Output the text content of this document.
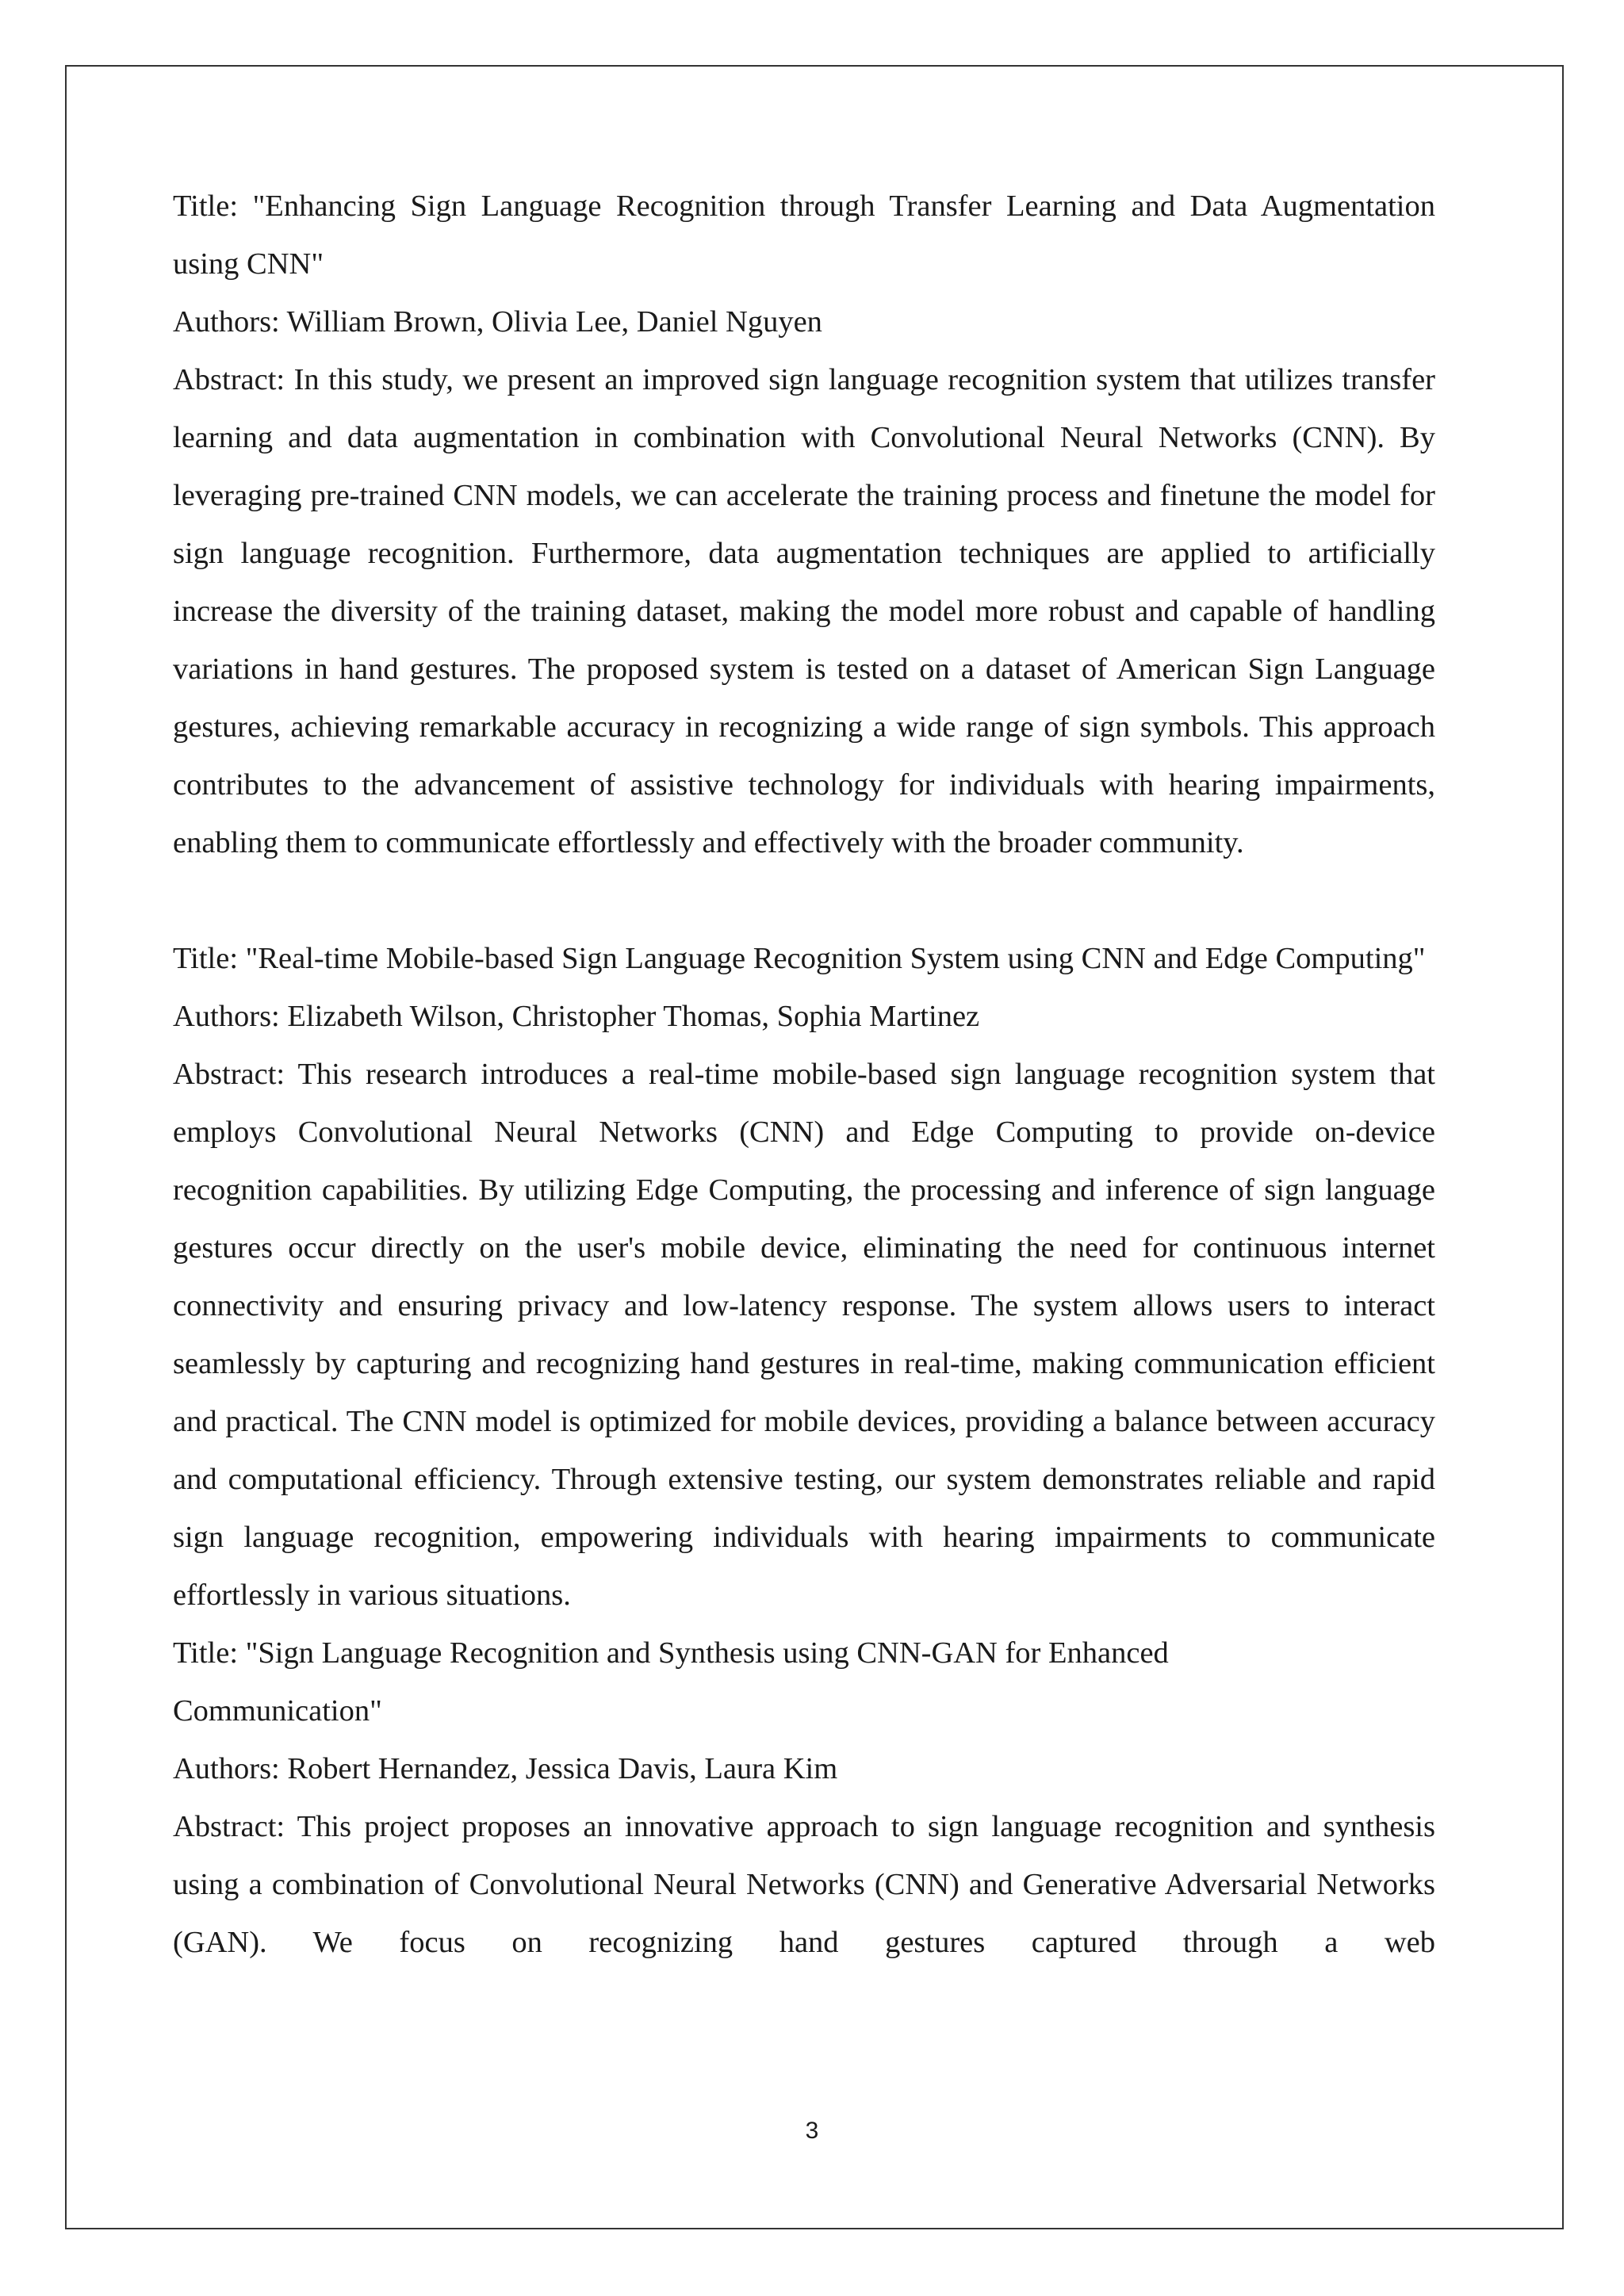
Title: "Enhancing Sign Language Recognition through Transfer Learning and Data Augmentation using CNN"

Authors: William Brown, Olivia Lee, Daniel Nguyen

Abstract: In this study, we present an improved sign language recognition system that utilizes transfer learning and data augmentation in combination with Convolutional Neural Networks (CNN). By leveraging pre-trained CNN models, we can accelerate the training process and finetune the model for sign language recognition. Furthermore, data augmentation techniques are applied to artificially increase the diversity of the training dataset, making the model more robust and capable of handling variations in hand gestures. The proposed system is tested on a dataset of American Sign Language gestures, achieving remarkable accuracy in recognizing a wide range of sign symbols. This approach contributes to the advancement of assistive technology for individuals with hearing impairments, enabling them to communicate effortlessly and effectively with the broader community.

Title: "Real-time Mobile-based Sign Language Recognition System using CNN and Edge Computing"

Authors: Elizabeth Wilson, Christopher Thomas, Sophia Martinez

Abstract: This research introduces a real-time mobile-based sign language recognition system that employs Convolutional Neural Networks (CNN) and Edge Computing to provide on-device recognition capabilities. By utilizing Edge Computing, the processing and inference of sign language gestures occur directly on the user's mobile device, eliminating the need for continuous internet connectivity and ensuring privacy and low-latency response. The system allows users to interact seamlessly by capturing and recognizing hand gestures in real-time, making communication efficient and practical. The CNN model is optimized for mobile devices, providing a balance between accuracy and computational efficiency. Through extensive testing, our system demonstrates reliable and rapid sign language recognition, empowering individuals with hearing impairments to communicate effortlessly in various situations.

Title: "Sign Language Recognition and Synthesis using CNN-GAN for Enhanced

Communication"

Authors: Robert Hernandez, Jessica Davis, Laura Kim

Abstract: This project proposes an innovative approach to sign language recognition and synthesis using a combination of Convolutional Neural Networks (CNN) and Generative Adversarial Networks (GAN). We focus on recognizing hand gestures captured through a web

3
